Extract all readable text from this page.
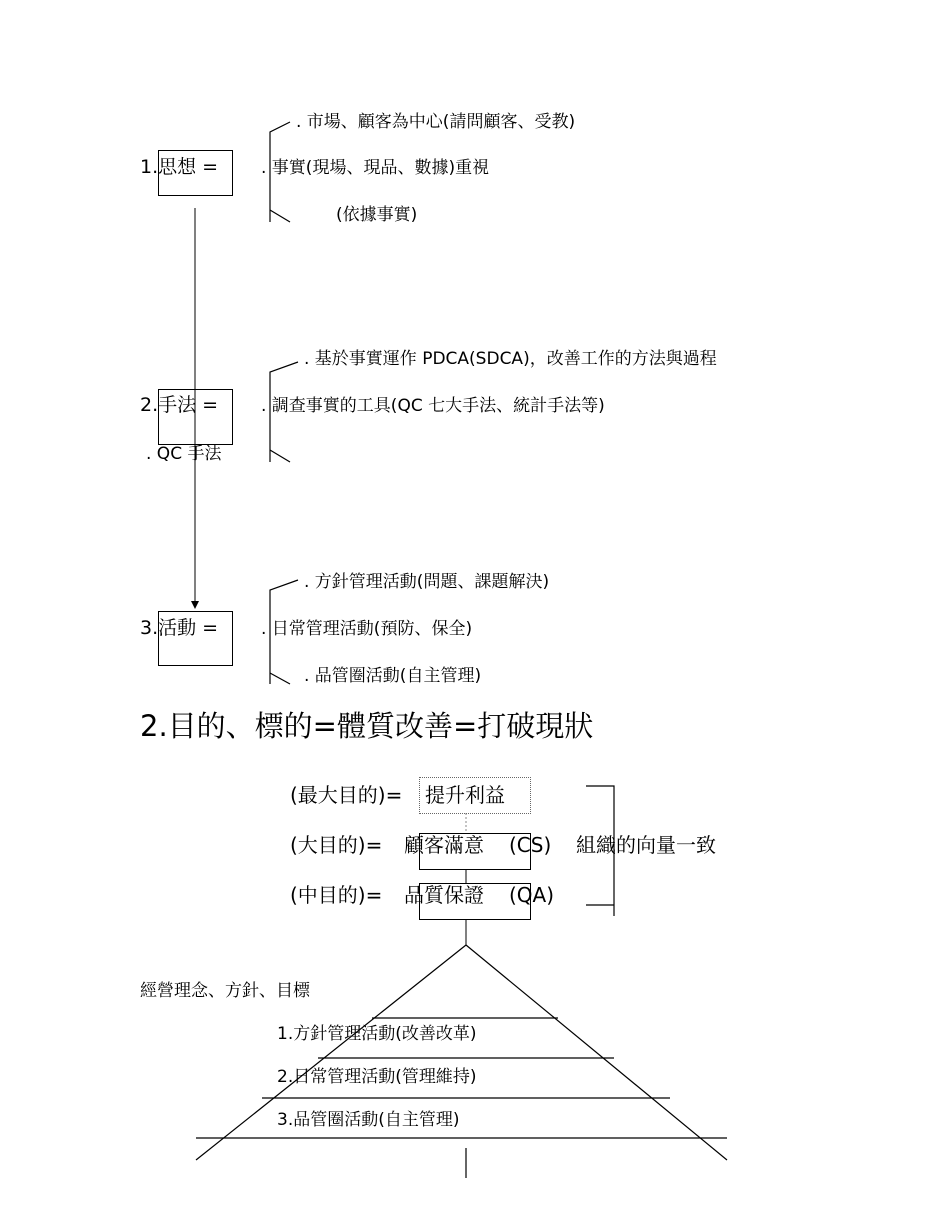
1.思想 =
. 市場、顧客為中心(請問顧客、受教)
. 事實(現場、現品、數據)重視
(依據事實)
2.手法 =
. QC 手法
. 基於事實運作 PDCA(SDCA)，改善工作的方法與過程
. 調查事實的工具(QC 七大手法、統計手法等)
3.活動 =
. 方針管理活動(問題、課題解決)
. 日常管理活動(預防、保全)
. 品管圈活動(自主管理)
2.目的、標的=體質改善=打破現狀
(最大目的)= 提升利益
(大目的)= 顧客滿意 (CS) 組織的向量一致
(中目的)= 品質保證 (QA)
經營理念、方針、目標
1.方針管理活動(改善改革)
2.日常管理活動(管理維持)
3.品管圈活動(自主管理)
